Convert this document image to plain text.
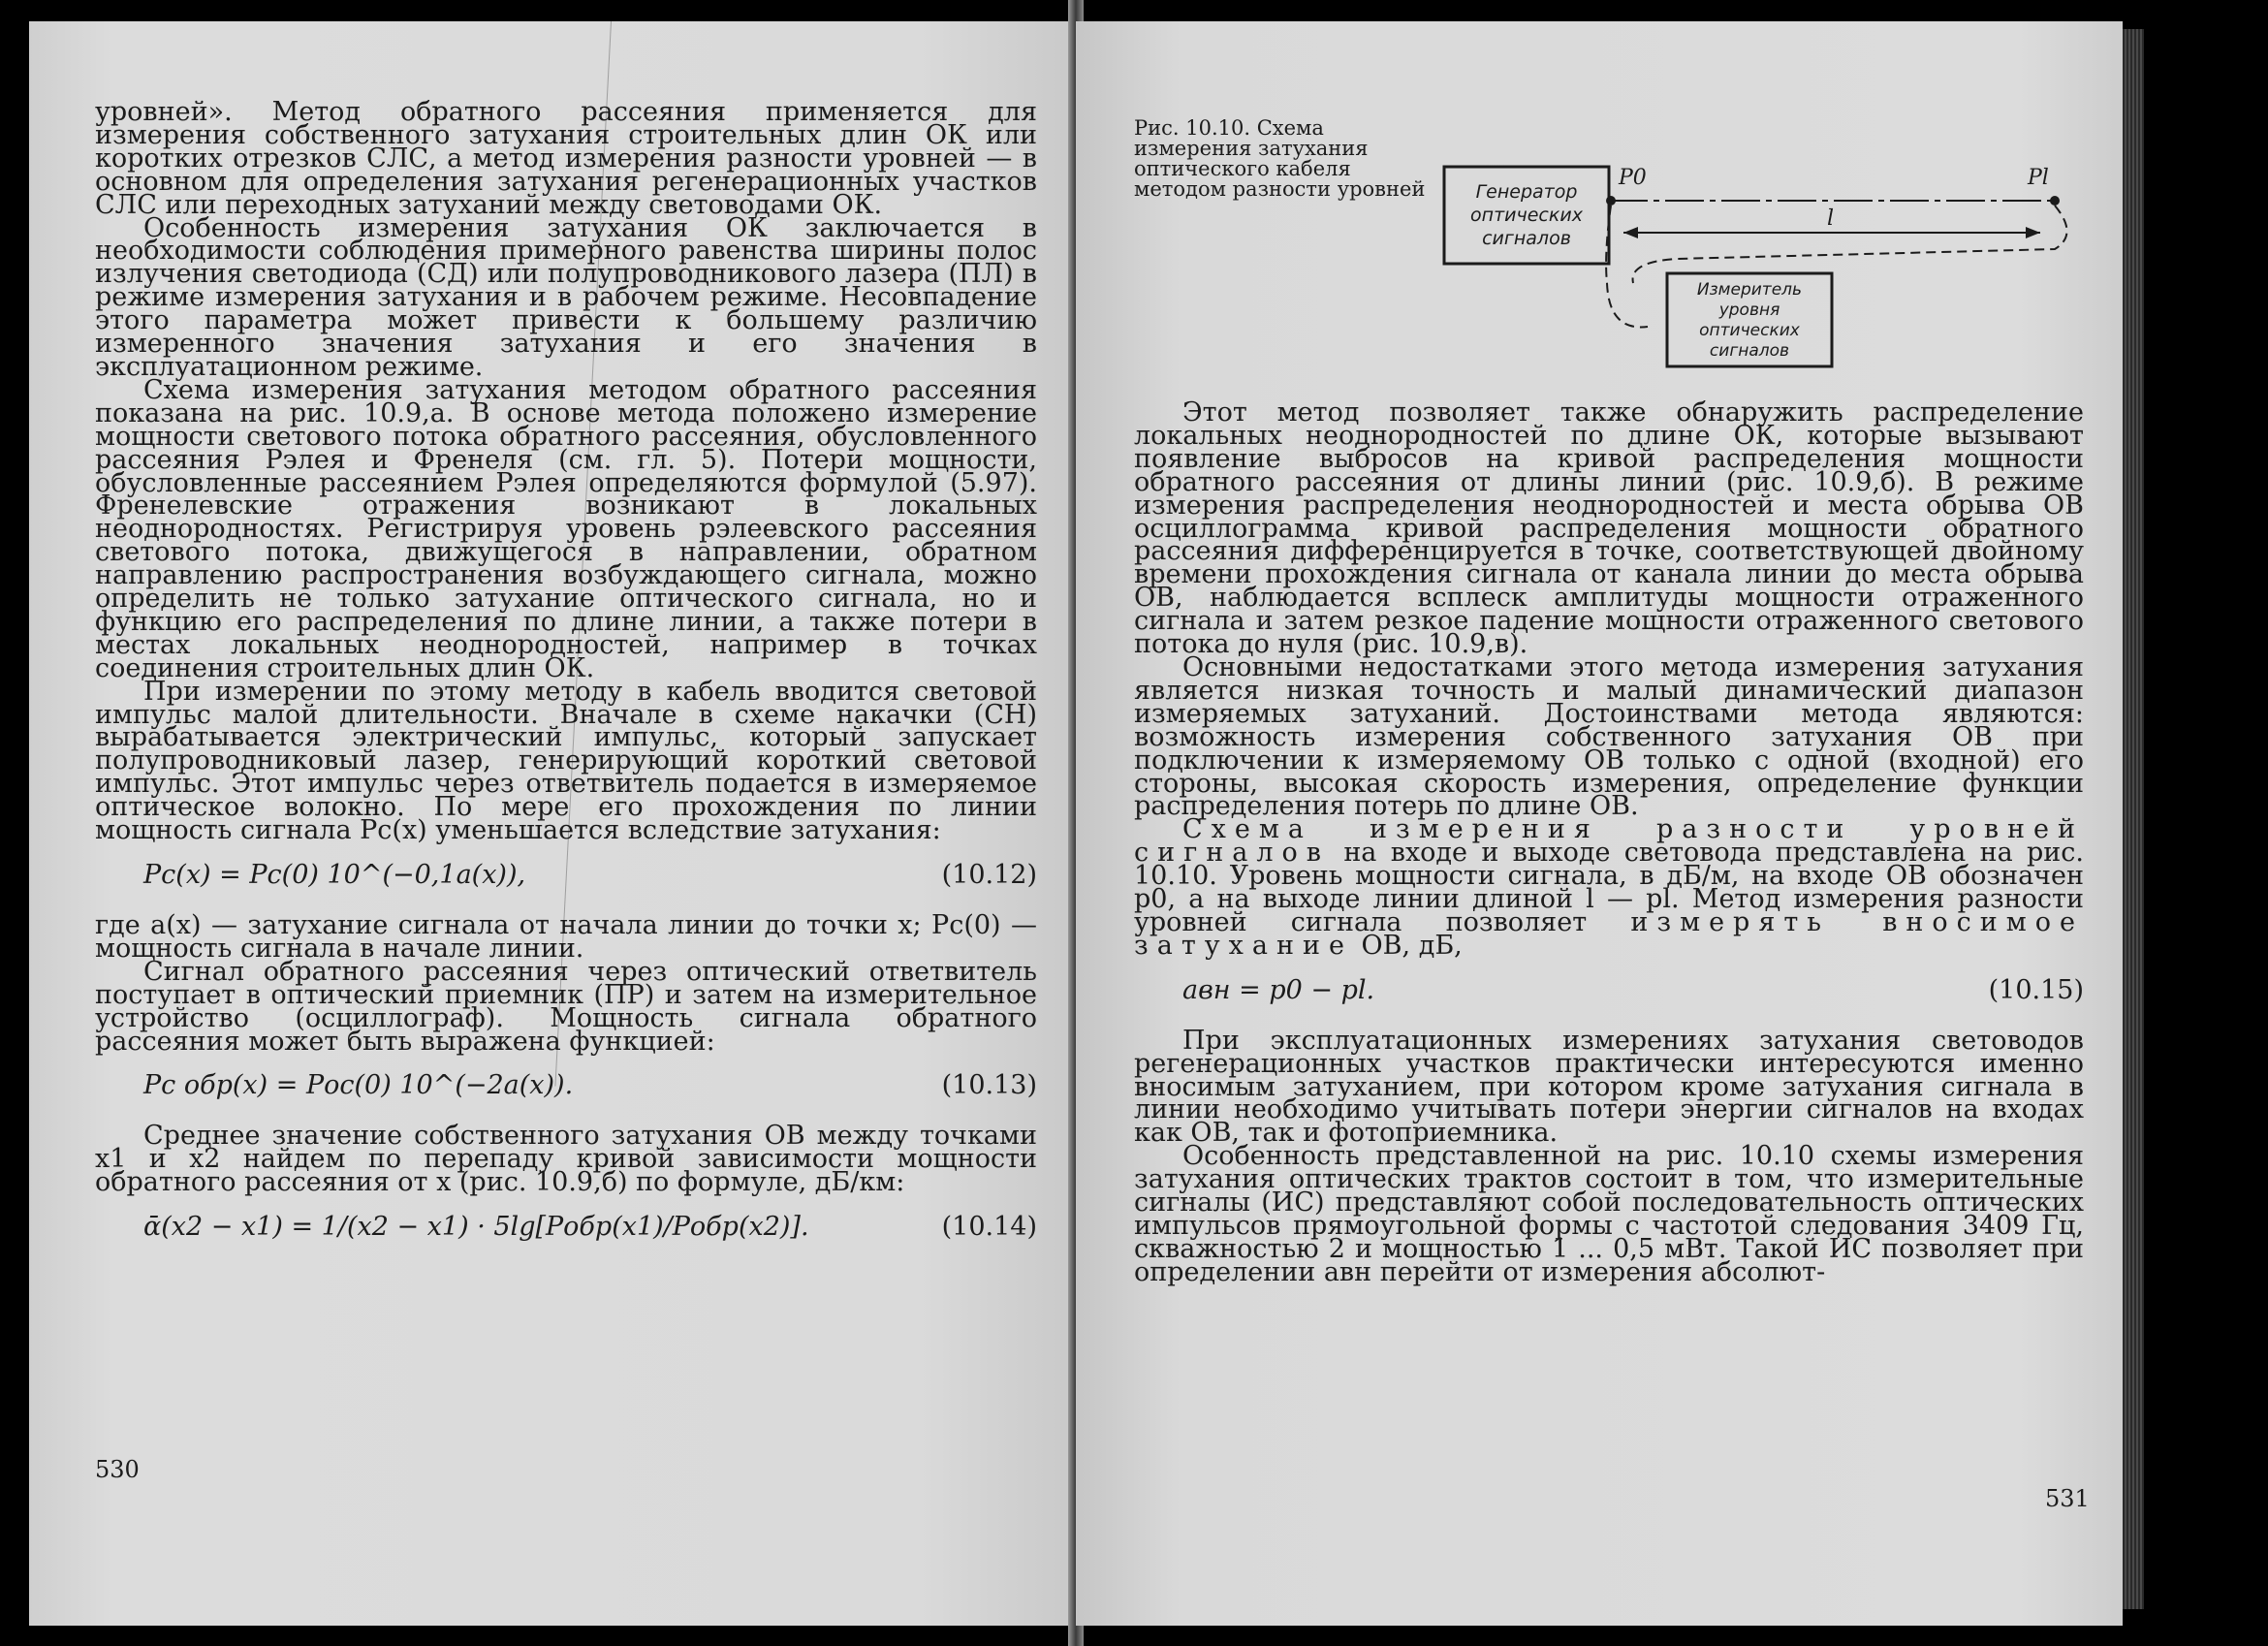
уровней». Метод обратного рассеяния применяется для измерения собственного затухания строительных длин ОК или коротких отрезков СЛС, а метод измерения разности уровней — в основном для определения затухания регенерационных участков СЛС или переходных затуханий между световодами ОК.

Особенность измерения затухания ОК заключается в необходимости соблюдения примерного равенства ширины полос излучения светодиода (СД) или полупроводникового лазера (ПЛ) в режиме измерения затухания и в рабочем режиме. Несовпадение этого параметра может привести к большему различию измеренного значения затухания и его значения в эксплуатационном режиме.

Схема измерения затухания методом обратного рассеяния показана на рис. 10.9,а. В основе метода положено измерение мощности светового потока обратного рассеяния, обусловленного рассеяния Рэлея и Френеля (см. гл. 5). Потери мощности, обусловленные рассеянием Рэлея определяются формулой (5.97). Френелевские отражения возникают в локальных неоднородностях. Регистрируя уровень рэлеевского рассеяния светового потока, движущегося в направлении, обратном направлению распространения возбуждающего сигнала, можно определить не только затухание оптического сигнала, но и функцию его распределения по длине линии, а также потери в местах локальных неоднородностей, например в точках соединения строительных длин ОК.

При измерении по этому методу в кабель вводится световой импульс малой длительности. Вначале в схеме накачки (СН) вырабатывается электрический импульс, который запускает полупроводниковый лазер, генерирующий короткий световой импульс. Этот импульс через ответвитель подается в измеряемое оптическое волокно. По мере его прохождения по линии мощность сигнала Pс(x) уменьшается вследствие затухания:

Pс(x) = Pс(0) 10^(−0,1a(x)),	(10.12)

где a(x) — затухание сигнала от начала линии до точки x; Pс(0) — мощность сигнала в начале линии.

Сигнал обратного рассеяния через оптический ответвитель поступает в оптический приемник (ПР) и затем на измерительное устройство (осциллограф). Мощность сигнала обратного рассеяния может быть выражена функцией:

Pс обр(x) = Pос(0) 10^(−2a(x)).	(10.13)

Среднее значение собственного затухания ОВ между точками x1 и x2 найдем по перепаду кривой зависимости мощности обратного рассеяния от x (рис. 10.9,б) по формуле, дБ/км:

ᾱ(x2 − x1) = 1/(x2 − x1) · 5lg[Pобр(x1)/Pобр(x2)].	(10.14)
530
Рис. 10.10. Схема измерения затухания оптического кабеля методом разности уровней	Генератор
оптических
сигналов
P0	Pl
l
Измеритель
уровня
оптических
сигналов

Этот метод позволяет также обнаружить распределение локальных неоднородностей по длине ОК, которые вызывают появление выбросов на кривой распределения мощности обратного рассеяния от длины линии (рис. 10.9,б). В режиме измерения распределения неоднородностей и места обрыва ОВ осциллограмма кривой распределения мощности обратного рассеяния дифференцируется в точке, соответствующей двойному времени прохождения сигнала от канала линии до места обрыва ОВ, наблюдается всплеск амплитуды мощности отраженного сигнала и затем резкое падение мощности отраженного светового потока до нуля (рис. 10.9,в).

Основными недостатками этого метода измерения затухания является низкая точность и малый динамический диапазон измеряемых затуханий. Достоинствами метода являются: возможность измерения собственного затухания ОВ при подключении к измеряемому ОВ только с одной (входной) его стороны, высокая скорость измерения, определение функции распределения потерь по длине ОВ.

Схема измерения разности уровней сигналов на входе и выходе световода представлена на рис. 10.10. Уровень мощности сигнала, в дБ/м, на входе ОВ обозначен p0, а на выходе линии длиной l — pl. Метод измерения разности уровней сигнала позволяет измерять вносимое затухание ОВ, дБ,

aвн = p0 − pl.	(10.15)

При эксплуатационных измерениях затухания световодов регенерационных участков практически интересуются именно вносимым затуханием, при котором кроме затухания сигнала в линии необходимо учитывать потери энергии сигналов на входах как ОВ, так и фотоприемника.

Особенность представленной на рис. 10.10 схемы измерения затухания оптических трактов состоит в том, что измерительные сигналы (ИС) представляют собой последовательность оптических импульсов прямоугольной формы с частотой следования 3409 Гц, скважностью 2 и мощностью 1 ... 0,5 мВт. Такой ИС позволяет при определении aвн перейти от измерения абсолют-

531
